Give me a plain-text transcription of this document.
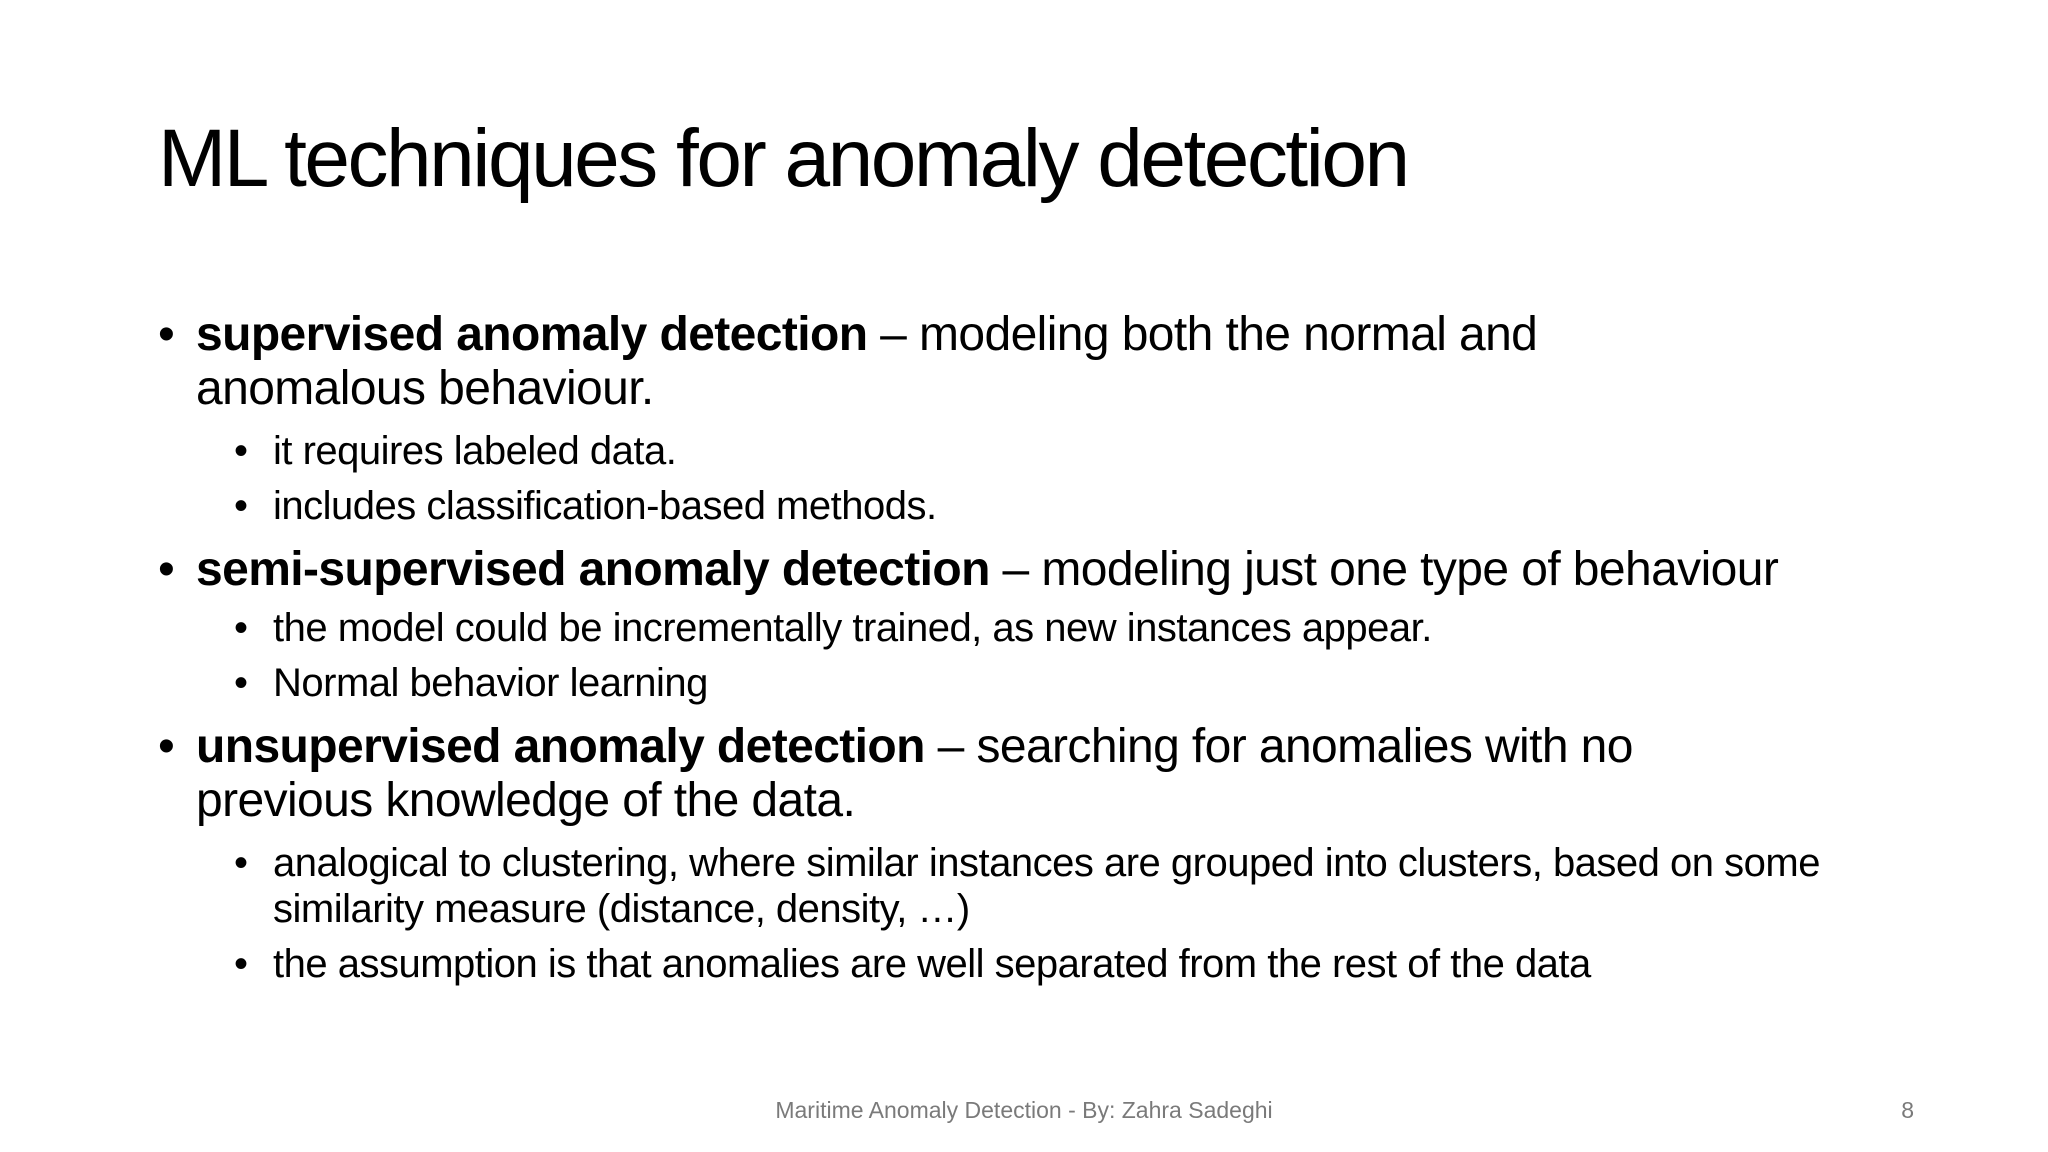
ML techniques for anomaly detection
• supervised anomaly detection – modeling both the normal and anomalous behaviour.
• it requires labeled data.
• includes classification-based methods.
• semi-supervised anomaly detection – modeling just one type of behaviour
• the model could be incrementally trained, as new instances appear.
• Normal behavior learning
• unsupervised anomaly detection – searching for anomalies with no previous knowledge of the data.
• analogical to clustering, where similar instances are grouped into clusters, based on some similarity measure (distance, density, …)
• the assumption is that anomalies are well separated from the rest of the data
Maritime Anomaly Detection - By: Zahra Sadeghi	8
